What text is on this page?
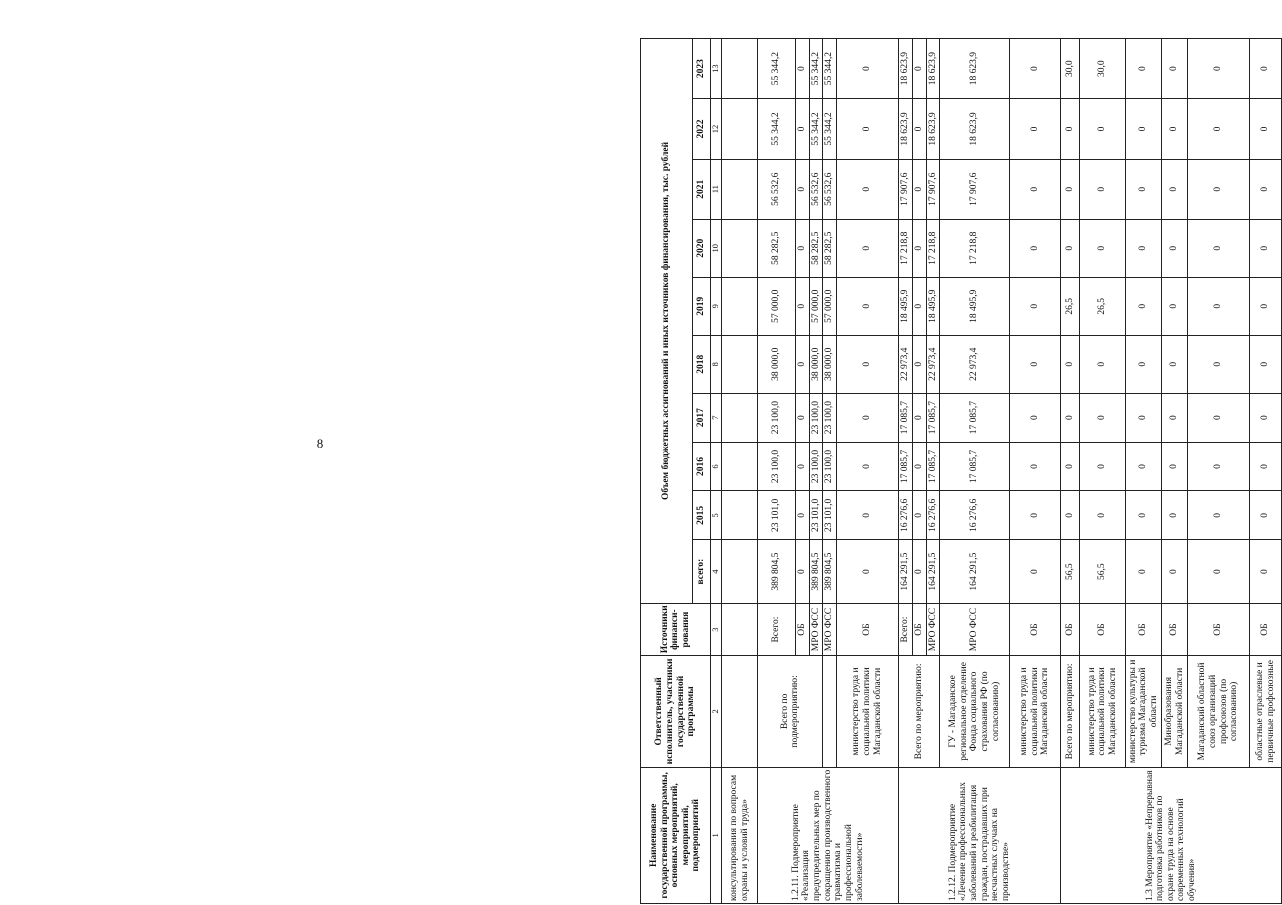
8
Наименование государственной программы, основных мероприятий, мероприятий, подмероприятий	Ответственный исполнитель, участники государственной программы	Источники финанси-рования	Объем бюджетных ассигнований и иных источников финансирования, тыс. рублей									
			всего:	2015	2016	2017	2018	2019	2020	2021	2022	2023
1	2	3	4	5	6	7	8	9	10	11	12	13
консультирования по вопросам охраны и условий труда»												
1.2.11. Подмероприятие «Реализация предупредительных мер по сокращению производственного травматизма и профессиональной заболеваемости»	Всего по подмероприятию:	Всего:	389 804,5	23 101,0	23 100,0	23 100,0	38 000,0	57 000,0	58 282,5	56 532,6	55 344,2	55 344,2
		ОБ	0	0	0	0	0	0	0	0	0	0
		МРО ФСС	389 804,5	23 101,0	23 100,0	23 100,0	38 000,0	57 000,0	58 282,5	56 532,6	55 344,2	55 344,2
		МРО ФСС	389 804,5	23 101,0	23 100,0	23 100,0	38 000,0	57 000,0	58 282,5	56 532,6	55 344,2	55 344,2
	министерство труда и социальной политики Магаданской области	ОБ	0	0	0	0	0	0	0	0	0	0
1.2.12. Подмероприятие «Лечение профессиональных заболеваний и реабилитация граждан, пострадавших при несчастных случаях на производстве»	Всего по мероприятию:	Всего:	164 291,5	16 276,6	17 085,7	17 085,7	22 973,4	18 495,9	17 218,8	17 907,6	18 623,9	18 623,9
		ОБ	0	0	0	0	0	0	0	0	0	0
		МРО ФСС	164 291,5	16 276,6	17 085,7	17 085,7	22 973,4	18 495,9	17 218,8	17 907,6	18 623,9	18 623,9
	ГУ - Магаданское региональное отделение Фонда социального страхования РФ (по согласованию)	МРО ФСС	164 291,5	16 276,6	17 085,7	17 085,7	22 973,4	18 495,9	17 218,8	17 907,6	18 623,9	18 623,9
	министерство труда и социальной политики Магаданской области	ОБ	0	0	0	0	0	0	0	0	0	0
1.3 Мероприятие «Непрерывная подготовка работников по охране труда на основе современных технологий обучения»	Всего по мероприятию:	ОБ	56,5	0	0	0	0	26,5	0	0	0	30,0
	министерство труда и социальной политики Магаданской области	ОБ	56,5	0	0	0	0	26,5	0	0	0	30,0
	министерство культуры и туризма Магаданской области	ОБ	0	0	0	0	0	0	0	0	0	0
	Минобразования Магаданской области	ОБ	0	0	0	0	0	0	0	0	0	0
	Магаданский областной союз организаций профсоюзов (по согласованию)	ОБ	0	0	0	0	0	0	0	0	0	0
	областные отраслевые и первичные профсоюзные	ОБ	0	0	0	0	0	0	0	0	0	0
